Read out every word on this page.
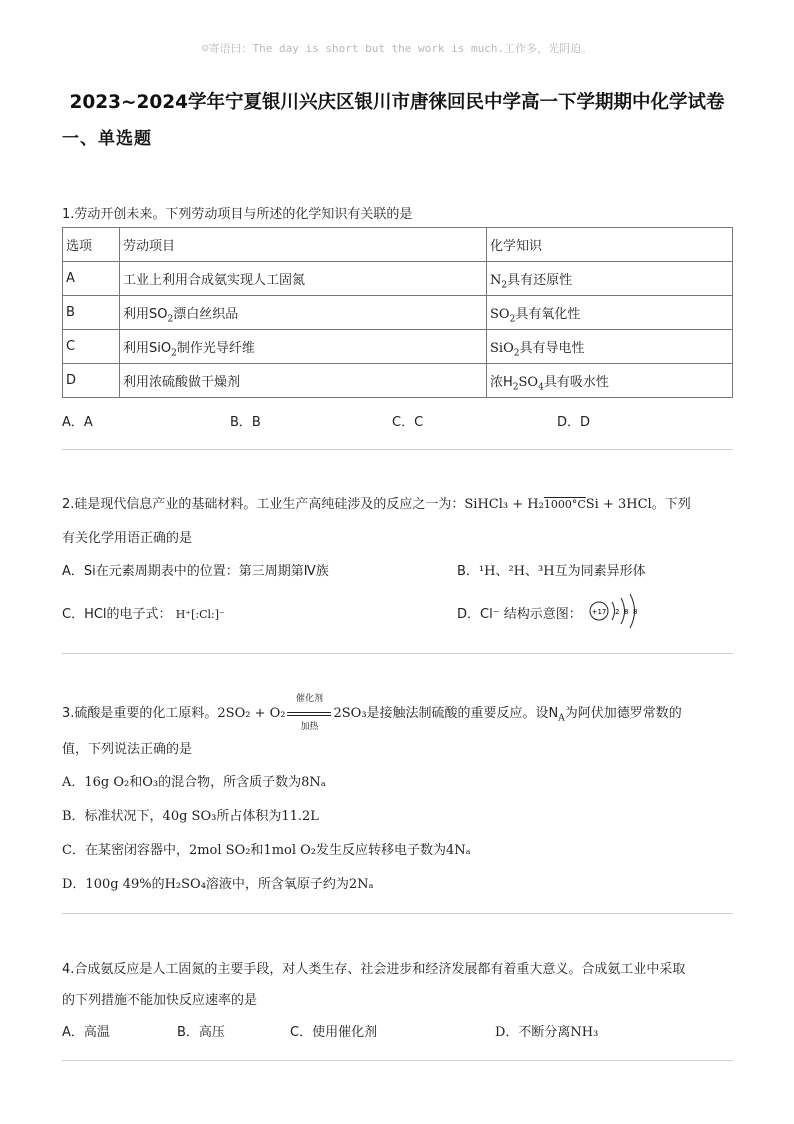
☺寄语曰：The day is short but the work is much.工作多，光阴迫。
2023~2024学年宁夏银川兴庆区银川市唐徕回民中学高一下学期期中化学试卷
一、单选题
1.劳动开创未来。下列劳动项目与所述的化学知识有关联的是
选项	劳动项目	化学知识
A	工业上利用合成氨实现人工固氮	$N_2$具有还原性
B	利用$SO_2$漂白丝织品	$SO_2$具有氧化性
C	利用SiO$_2$制作光导纤维	SiO$_2$具有导电性
D	利用浓硫酸做干燥剂	浓$H_2SO_4$具有吸水性
A．A	B．B	C．C	D．D
2.硅是现代信息产业的基础材料。工业生产高纯硅涉及的反应之一为：SiHCl₃ + H₂1000°CSi + 3HCl。下列
有关化学用语正确的是
A．Si在元素周期表中的位置：第三周期第Ⅳ族	B．¹H、²H、³H互为同素异形体
C．HCl的电子式： H⁺[:Cl:]⁻	D．Cl⁻ 结构示意图： +17 2 8 8
3.硫酸是重要的化工原料。$2SO_2 + O_2 \frac{\text{催化剂}}{\text{加热}} 2SO_3$是接触法制硫酸的重要反应。设$N_A$为阿伏加德罗常数的
值，下列说法正确的是
A．16g O₂和O₃的混合物，所含质子数为8Nₐ
B．标准状况下，40g SO₃所占体积为11.2L
C．在某密闭容器中，2mol SO₂和1mol O₂发生反应转移电子数为4Nₐ
D．100g 49%的H₂SO₄溶液中，所含氧原子约为2Nₐ
4.合成氨反应是人工固氮的主要手段，对人类生存、社会进步和经济发展都有着重大意义。合成氨工业中采取
的下列措施不能加快反应速率的是
A．高温	B．高压	C．使用催化剂	D．不断分离NH₃
